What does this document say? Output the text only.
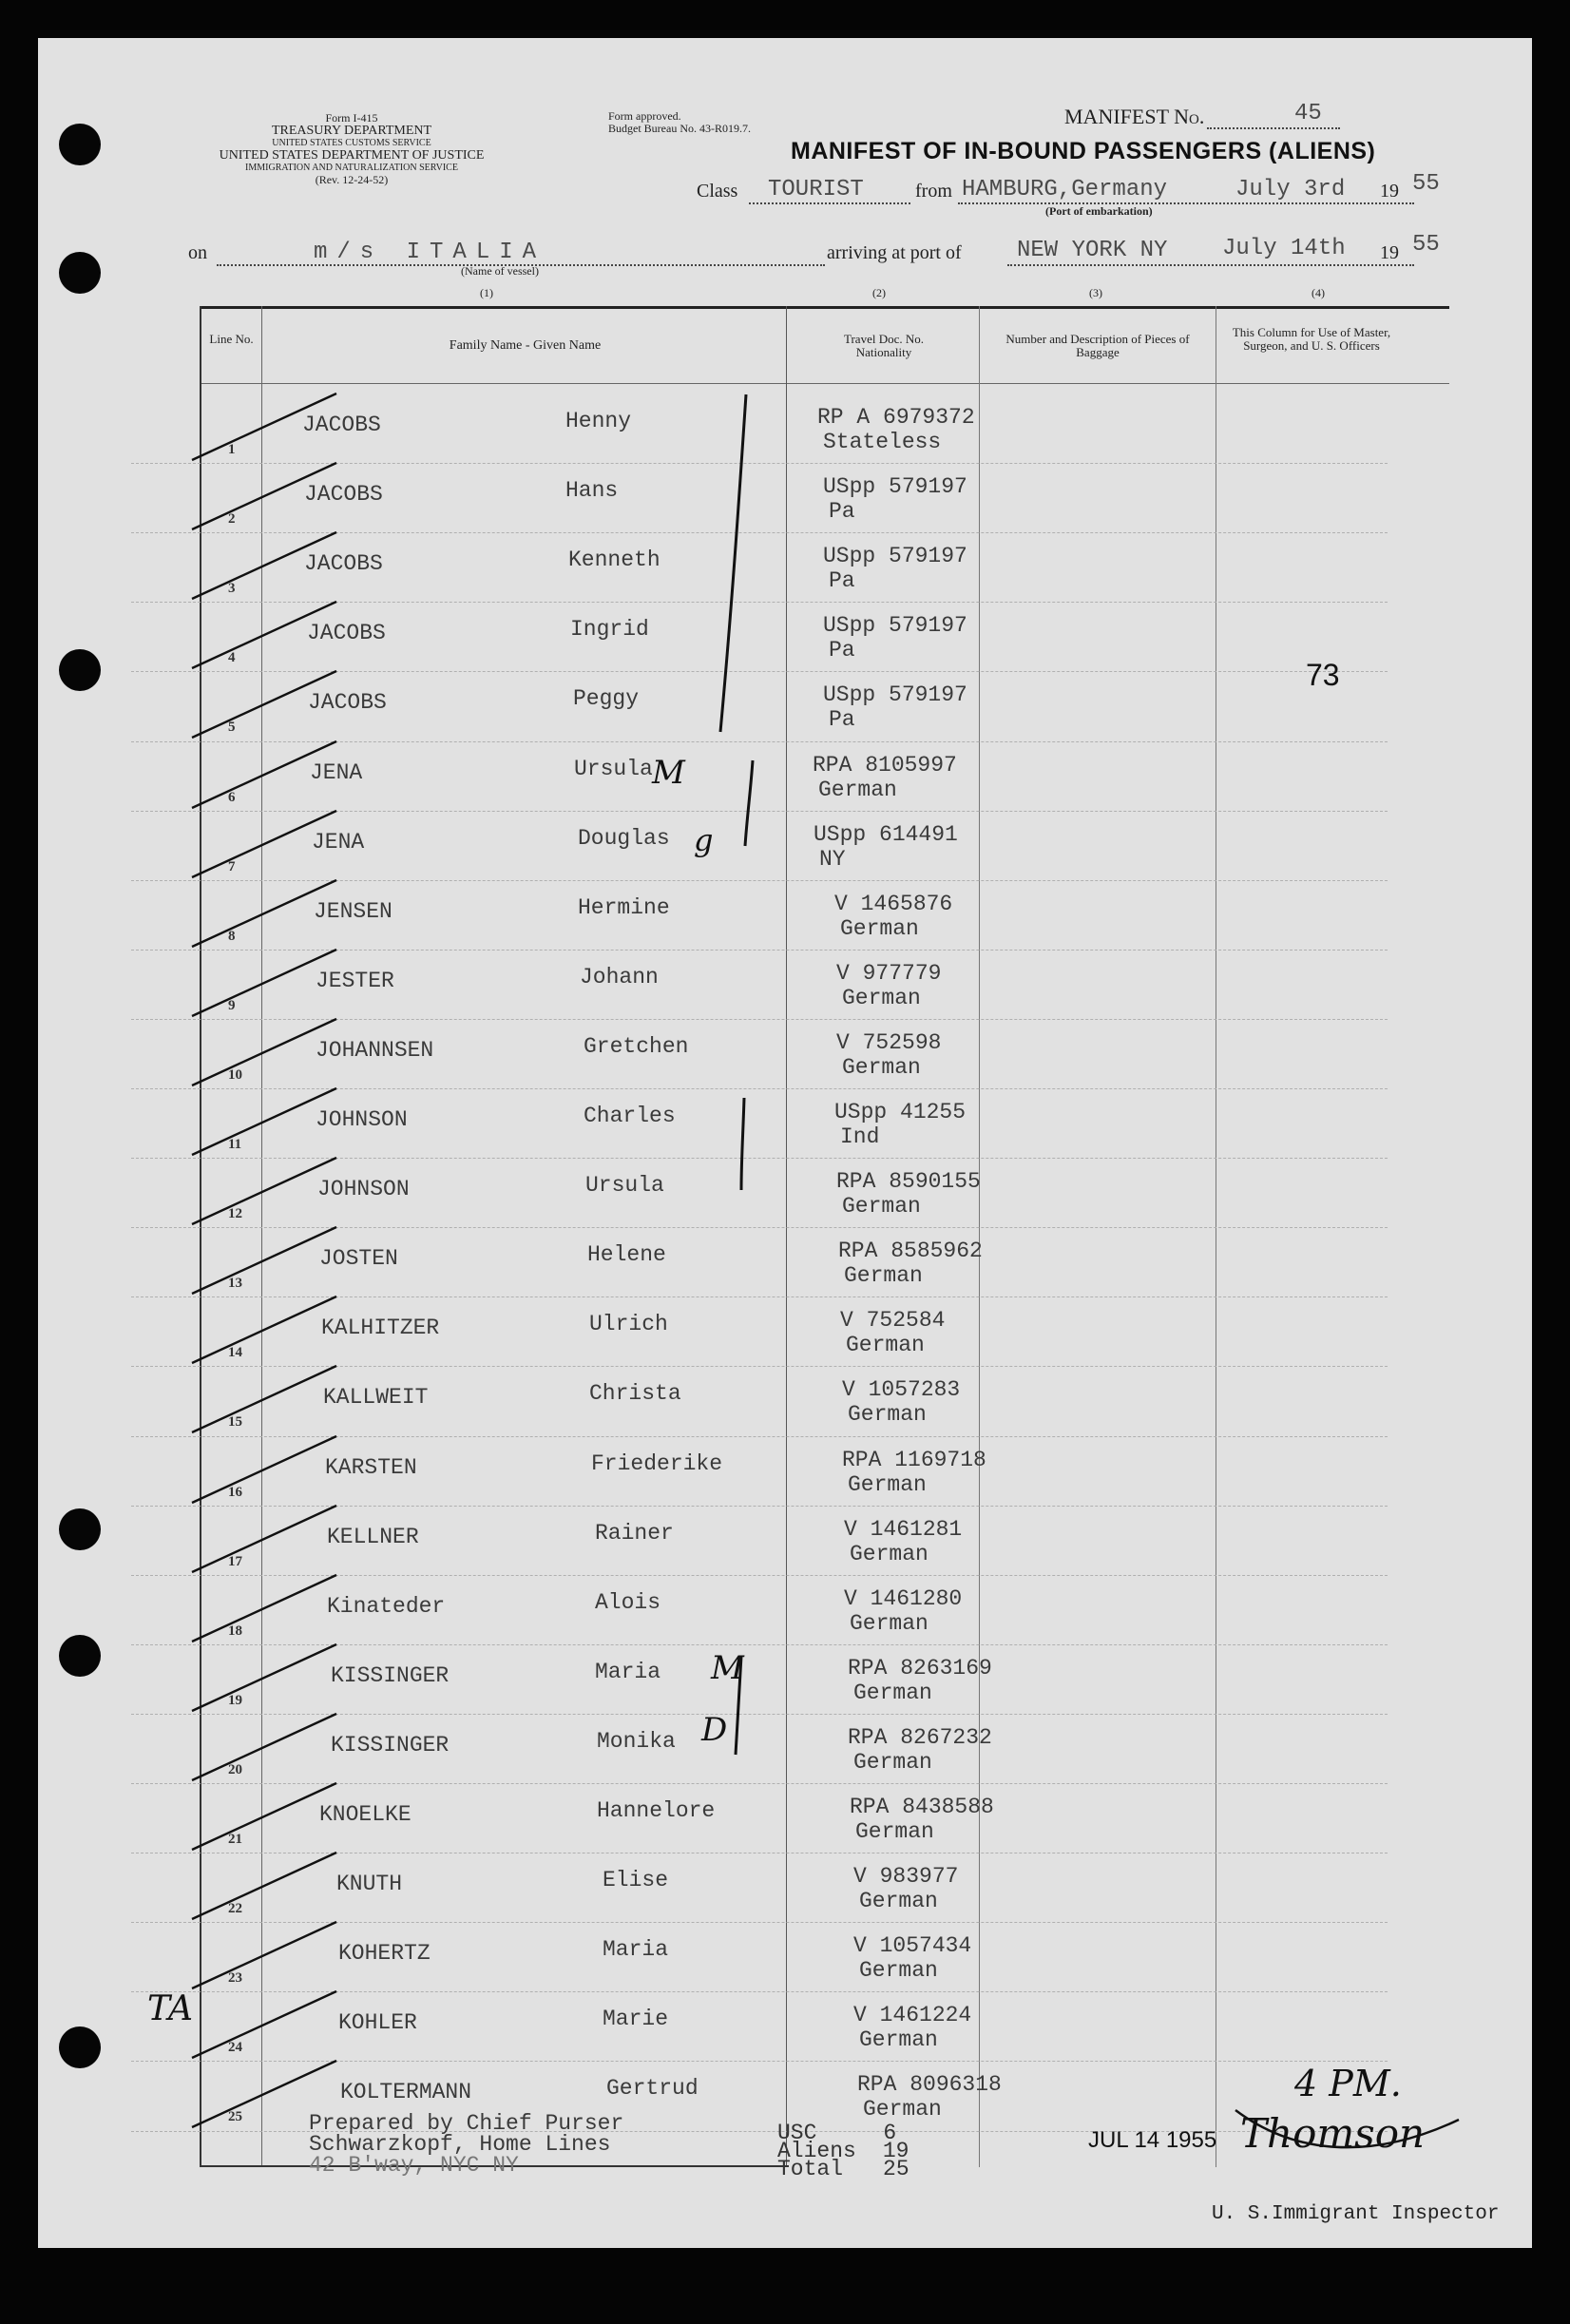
Form I-415
TREASURY DEPARTMENT
UNITED STATES CUSTOMS SERVICE
UNITED STATES DEPARTMENT OF JUSTICE
IMMIGRATION AND NATURALIZATION SERVICE
(Rev. 12-24-52)
Form approved.
Budget Bureau No. 43-R019.7.	MANIFEST No.	45
MANIFEST OF IN-BOUND PASSENGERS (ALIENS)
Class TOURIST	from HAMBURG,Germany	July 3rd 19 55
(Port of embarkation)
on	m/s ITALIA
(Name of vessel)
arriving at port of NEW YORK NY July 14th 19 55
(1)	(2)	(3)	(4)
Line No.	Family Name - Given Name	Travel Doc. No. Nationality
Number and Description of Pieces of Baggage
This Column for Use of Master, Surgeon, and U. S. Officers
1
JACOBS	Henny	RP A 6979372
Stateless
2
JACOBS	Hans	USpp 579197
Pa
3
JACOBS	Kenneth	USpp 579197
Pa
4
JACOBS	Ingrid	USpp 579197
Pa
5
JACOBS	Peggy	USpp 579197
Pa
6
JENA	Ursula	RPA 8105997
German
7
JENA	Douglas	USpp 614491
NY
8
JENSEN	Hermine	V 1465876
German
9
JESTER	Johann	V 977779
German
10
JOHANNSEN	Gretchen	V 752598
German
11
JOHNSON	Charles	USpp 41255
Ind
12
JOHNSON	Ursula	RPA 8590155
German
13
JOSTEN	Helene	RPA 8585962
German
14
KALHITZER	Ulrich	V 752584
German
15
KALLWEIT	Christa	V 1057283
German
16
KARSTEN	Friederike	RPA 1169718
German
17
KELLNER	Rainer	V 1461281
German
18
Kinateder	Alois	V 1461280
German
19
KISSINGER	Maria	RPA 8263169
German
20
KISSINGER	Monika	RPA 8267232
German
21
KNOELKE	Hannelore	RPA 8438588
German
22
KNUTH	Elise	V 983977
German
23
KOHERTZ	Maria	V 1057434
German
24
KOHLER	Marie	V 1461224
German
25
KOLTERMANN	Gertrud	RPA 8096318
German
73
M
g
M
D
TA
4 PM.
Thomson
Prepared by Chief Purser
Schwarzkopf, Home Lines
42 B'way, NYC NY
USC	6
Aliens 19
Total 25
JUL 14 1955
U. S.Immigrant Inspector
